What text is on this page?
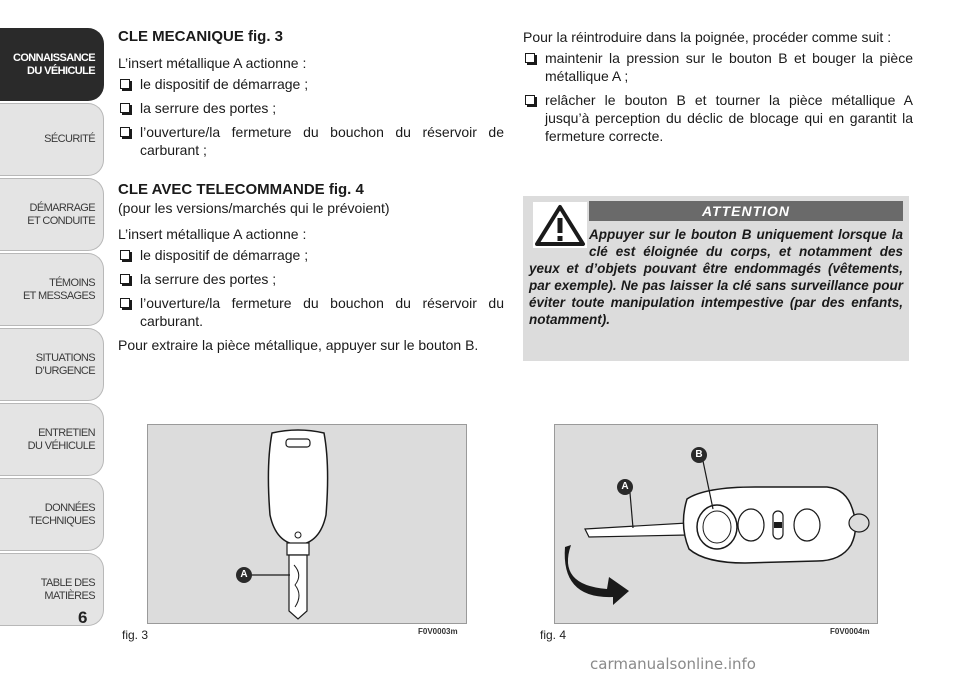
CONNAISSANCE
DU VÉHICULE
SÉCURITÉ
DÉMARRAGE
ET CONDUITE
TÉMOINS
ET MESSAGES
SITUATIONS
D’URGENCE
ENTRETIEN
DU VÉHICULE
DONNÉES
TECHNIQUES
TABLE DES
MATIÈRES
6

CLE MECANIQUE fig. 3

L’insert métallique A actionne :

le dispositif de démarrage ;
la serrure des portes ;
l’ouverture/la fermeture du bouchon du réservoir de carburant ;

CLE AVEC TELECOMMANDE fig. 4

(pour les versions/marchés qui le prévoient)

L’insert métallique A actionne :

le dispositif de démarrage ;
la serrure des portes ;
l’ouverture/la fermeture du bouchon du réservoir du carburant.

Pour extraire la pièce métallique, appuyer sur le bouton B.

Pour la réintroduire dans la poignée, procéder comme suit :

maintenir la pression sur le bouton B et bouger la pièce métallique A ;
relâcher le bouton B et tourner la pièce métallique A jusqu’à perception du déclic de blocage qui en garantit la fermeture correcte.
ATTENTION
Appuyer sur le bouton B uniquement lorsque la clé est éloignée du corps, et notamment des yeux et d’objets pouvant être endommagés (vêtements, par exemple). Ne pas laisser la clé sans surveillance pour éviter toute manipulation intempestive (par des enfants, notamment).
A
fig. 3	F0V0003m
A
B
fig. 4	F0V0004m
carmanualsonline.info
